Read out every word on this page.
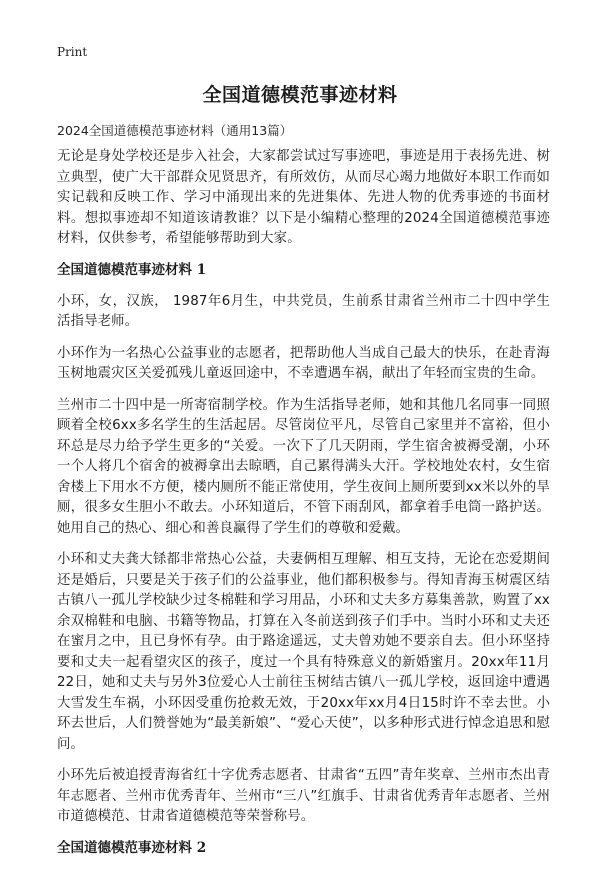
Print
全国道德模范事迹材料
2024全国道德模范事迹材料（通用13篇）

无论是身处学校还是步入社会，大家都尝试过写事迹吧，事迹是用于表扬先进、树立典型，使广大干部群众见贤思齐，有所效仿，从而尽心竭力地做好本职工作而如实记载和反映工作、学习中涌现出来的先进集体、先进人物的优秀事迹的书面材料。想拟事迹却不知道该请教谁？以下是小编精心整理的2024全国道德模范事迹材料，仅供参考，希望能够帮助到大家。

全国道德模范事迹材料 1

小环，女，汉族， 1987年6月生，中共党员，生前系甘肃省兰州市二十四中学生活指导老师。

小环作为一名热心公益事业的志愿者，把帮助他人当成自己最大的快乐，在赴青海玉树地震灾区关爱孤残儿童返回途中，不幸遭遇车祸，献出了年轻而宝贵的生命。

兰州市二十四中是一所寄宿制学校。作为生活指导老师，她和其他几名同事一同照顾着全校6xx多名学生的生活起居。尽管岗位平凡，尽管自己家里并不富裕，但小环总是尽力给予学生更多的“关爱。一次下了几天阴雨，学生宿舍被褥受潮，小环一个人将几个宿舍的被褥拿出去晾晒，自己累得满头大汗。学校地处农村，女生宿舍楼上下用水不方便，楼内厕所不能正常使用，学生夜间上厕所要到xx米以外的旱厕，很多女生胆小不敢去。小环知道后，不管下雨刮风，都拿着手电筒一路护送。她用自己的热心、细心和善良赢得了学生们的尊敬和爱戴。

小环和丈夫龚大铩都非常热心公益，夫妻俩相互理解、相互支持，无论在恋爱期间还是婚后，只要是关于孩子们的公益事业，他们都积极参与。得知青海玉树震区结古镇八一孤儿学校缺少过冬棉鞋和学习用品，小环和丈夫多方募集善款，购置了xx余双棉鞋和电脑、书籍等物品，打算在入冬前送到孩子们手中。当时小环和丈夫还在蜜月之中，且已身怀有孕。由于路途遥远，丈夫曾劝她不要亲自去。但小环坚持要和丈夫一起看望灾区的孩子，度过一个具有特殊意义的新婚蜜月。20xx年11月22日，她和丈夫与另外3位爱心人士前往玉树结古镇八一孤儿学校，返回途中遭遇大雪发生车祸，小环因受重伤抢救无效，于20xx年xx月4日15时许不幸去世。小环去世后，人们赞誉她为“最美新娘”、“爱心天使”，以多种形式进行悼念追思和慰问。

小环先后被追授青海省红十字优秀志愿者、甘肃省“五四”青年奖章、兰州市杰出青年志愿者、兰州市优秀青年、兰州市“三八”红旗手、甘肃省优秀青年志愿者、兰州市道德模范、甘肃省道德模范等荣誉称号。

全国道德模范事迹材料 2
